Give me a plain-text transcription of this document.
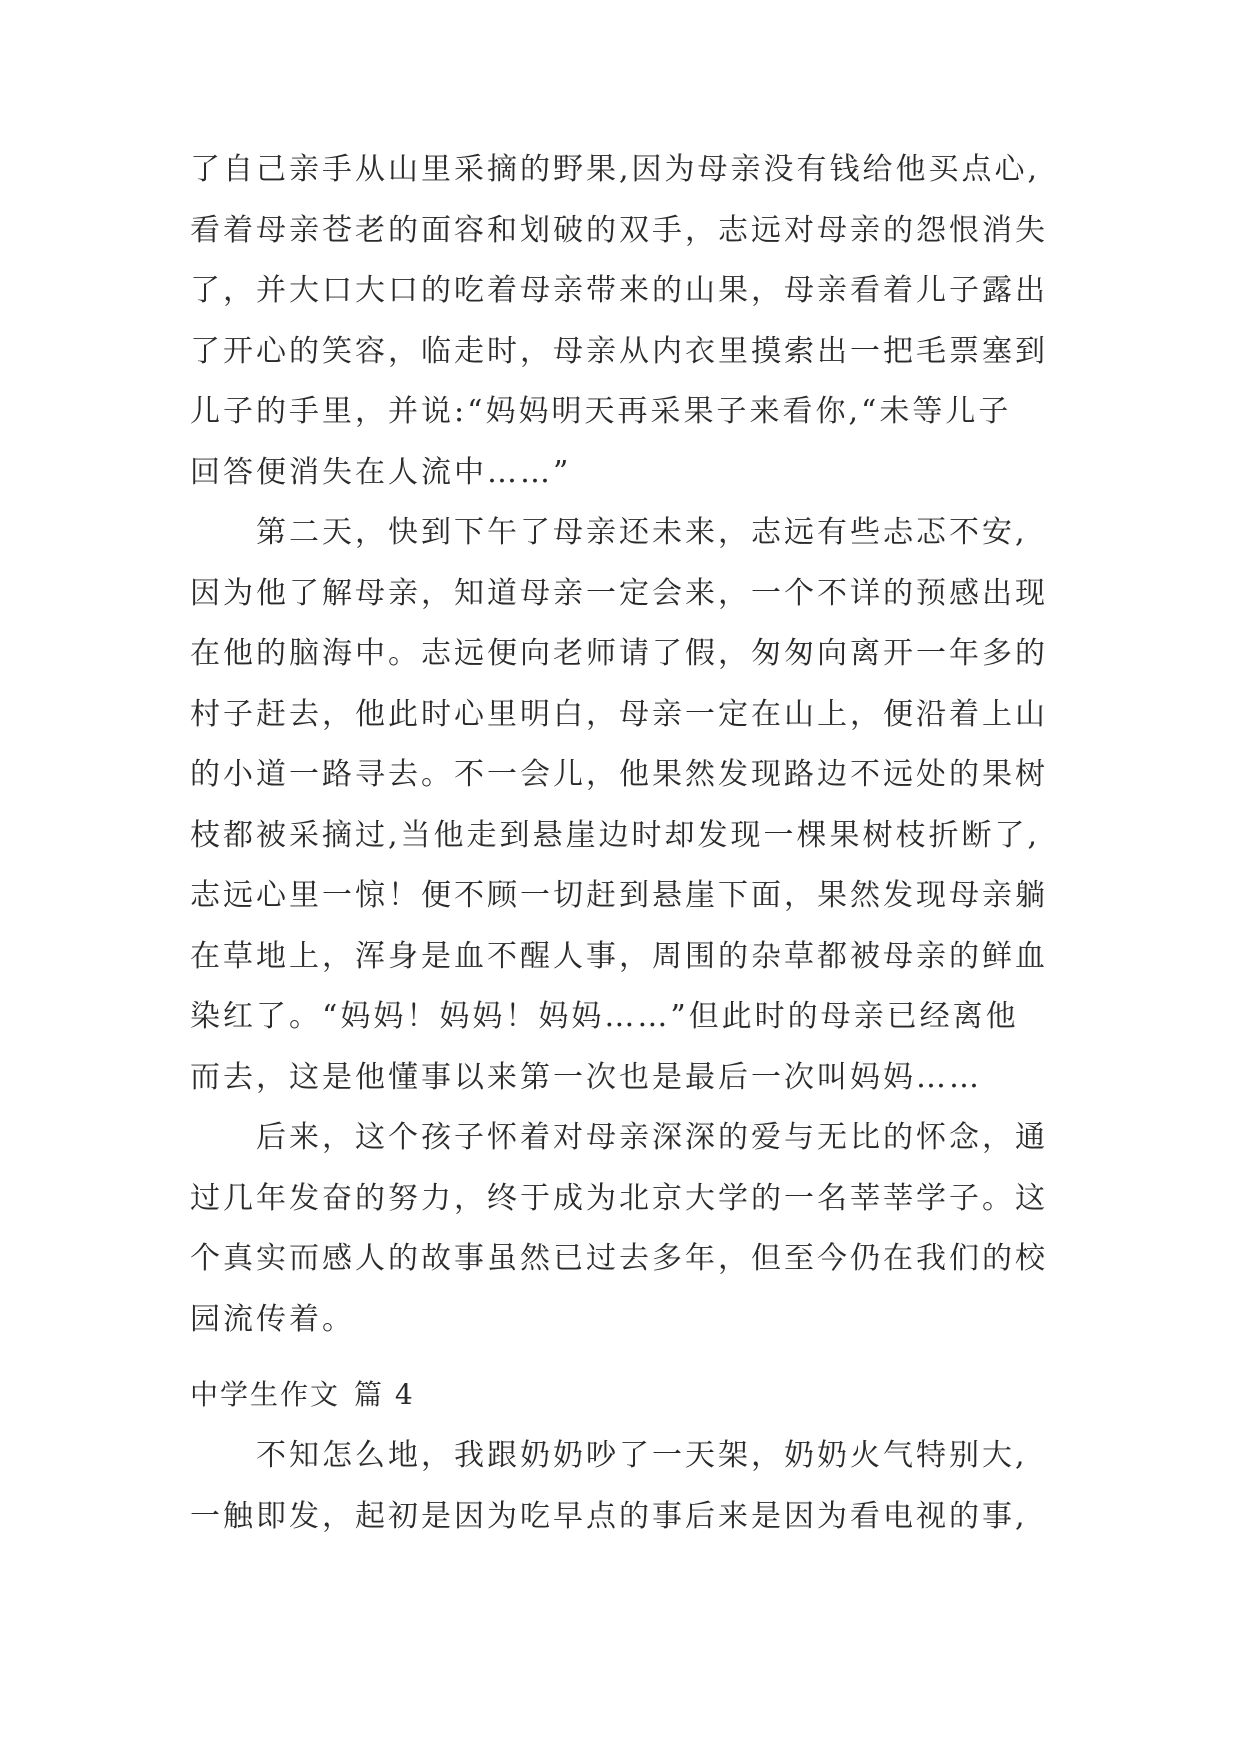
了自己亲手从山里采摘的野果,因为母亲没有钱给他买点心,
看着母亲苍老的面容和划破的双手，志远对母亲的怨恨消失
了，并大口大口的吃着母亲带来的山果，母亲看着儿子露出
了开心的笑容，临走时，母亲从内衣里摸索出一把毛票塞到
儿子的手里，并说:“妈妈明天再采果子来看你,“未等儿子
回答便消失在人流中……”
第二天，快到下午了母亲还未来，志远有些忐忑不安,
因为他了解母亲，知道母亲一定会来，一个不详的预感出现
在他的脑海中。志远便向老师请了假，匆匆向离开一年多的
村子赶去，他此时心里明白，母亲一定在山上，便沿着上山
的小道一路寻去。不一会儿，他果然发现路边不远处的果树
枝都被采摘过,当他走到悬崖边时却发现一棵果树枝折断了,
志远心里一惊！便不顾一切赶到悬崖下面，果然发现母亲躺
在草地上，浑身是血不醒人事，周围的杂草都被母亲的鲜血
染红了。“妈妈！妈妈！妈妈……”但此时的母亲已经离他
而去，这是他懂事以来第一次也是最后一次叫妈妈……
后来，这个孩子怀着对母亲深深的爱与无比的怀念，通
过几年发奋的努力，终于成为北京大学的一名莘莘学子。这
个真实而感人的故事虽然已过去多年，但至今仍在我们的校
园流传着。
中学生作文 篇 4
不知怎么地，我跟奶奶吵了一天架，奶奶火气特别大,
一触即发，起初是因为吃早点的事后来是因为看电视的事,
